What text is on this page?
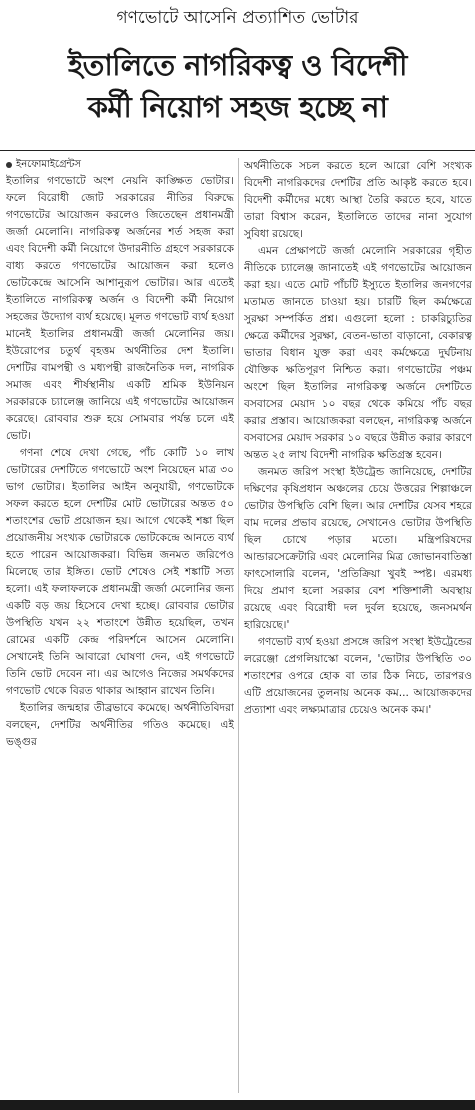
গণভোটে আসেনি প্রত্যাশিত ভোটার
ইতালিতে নাগরিকত্ব ও বিদেশী
কর্মী নিয়োগ সহজ হচ্ছে না
ইনফোমাইগ্রেন্টস

ইতালির গণভোটে অংশ নেয়নি কাঙ্ক্ষিত ভোটার। ফলে বিরোধী জোট সরকারের নীতির বিরুদ্ধে গণভোটের আয়োজন করলেও জিতেছেন প্রধানমন্ত্রী জর্জা মেলোনি। নাগরিকত্ব অর্জনের শর্ত সহজ করা এবং বিদেশী কর্মী নিয়োগে উদারনীতি গ্রহণে সরকারকে বাধ্য করতে গণভোটের আয়োজন করা হলেও ভোটকেন্দ্রে আসেনি আশানুরূপ ভোটার। আর এতেই ইতালিতে নাগরিকত্ব অর্জন ও বিদেশী কর্মী নিয়োগ সহজের উদ্যোগ ব্যর্থ হয়েছে। মূলত গণভোট ব্যর্থ হওয়া মানেই ইতালির প্রধানমন্ত্রী জর্জা মেলোনির জয়। ইউরোপের চতুর্থ বৃহত্তম অর্থনীতির দেশ ইতালি। দেশটির বামপন্থী ও মধ্যপন্থী রাজনৈতিক দল, নাগরিক সমাজ এবং শীর্ষস্থানীয় একটি শ্রমিক ইউনিয়ন সরকারকে চ্যালেঞ্জ জানিয়ে এই গণভোটের আয়োজন করেছে। রোববার শুরু হয়ে সোমবার পর্যন্ত চলে এই ভোট।

গণনা শেষে দেখা গেছে, পাঁচ কোটি ১০ লাখ ভোটারের দেশটিতে গণভোটে অংশ নিয়েছেন মাত্র ৩০ ভাগ ভোটার। ইতালির আইন অনুযায়ী, গণভোটকে সফল করতে হলে দেশটির মোট ভোটারের অন্তত ৫০ শতাংশের ভোট প্রয়োজন হয়। আগে থেকেই শঙ্কা ছিল প্রয়োজনীয় সংখ্যক ভোটারকে ভোটকেন্দ্রে আনতে ব্যর্থ হতে পারেন আয়োজকরা। বিভিন্ন জনমত জরিপেও মিলেছে তার ইঙ্গিত। ভোট শেষেও সেই শঙ্কাটি সত্য হলো। এই ফলাফলকে প্রধানমন্ত্রী জর্জা মেলোনির জন্য একটি বড় জয় হিসেবে দেখা হচ্ছে। রোববার ভোটার উপস্থিতি যখন ২২ শতাংশে উন্নীত হয়েছিল, তখন রোমের একটি কেন্দ্র পরিদর্শনে আসেন মেলোনি। সেখানেই তিনি আবারো ঘোষণা দেন, এই গণভোটে তিনি ভোট দেবেন না। এর আগেও নিজের সমর্থকদের গণভোট থেকে বিরত থাকার আহ্বান রাখেন তিনি।

ইতালির জন্মহার তীব্রভাবে কমেছে। অর্থনীতিবিদরা বলছেন, দেশটির অর্থনীতির গতিও কমেছে। এই ভঙ্গুর

অর্থনীতিকে সচল করতে হলে আরো বেশি সংখ্যক বিদেশী নাগরিকদের দেশটির প্রতি আকৃষ্ট করতে হবে। বিদেশী কর্মীদের মধ্যে আস্থা তৈরি করতে হবে, যাতে তারা বিশ্বাস করেন, ইতালিতে তাদের নানা সুযোগ সুবিধা রয়েছে।

এমন প্রেক্ষাপটে জর্জা মেলোনি সরকারের গৃহীত নীতিকে চ্যালেঞ্জ জানাতেই এই গণভোটের আয়োজন করা হয়। এতে মোট পাঁচটি ইস্যুতে ইতালির জনগণের মতামত জানতে চাওয়া হয়। চারটি ছিল কর্মক্ষেত্রে সুরক্ষা সম্পর্কিত প্রশ্ন। এগুলো হলো : চাকরিচ্যুতির ক্ষেত্রে কর্মীদের সুরক্ষা, বেতন-ভাতা বাড়ানো, বেকারত্ব ভাতার বিধান যুক্ত করা এবং কর্মক্ষেত্রে দুর্ঘটনায় যৌক্তিক ক্ষতিপূরণ নিশ্চিত করা। গণভোটের পঞ্চম অংশে ছিল ইতালির নাগরিকত্ব অর্জনে দেশটিতে বসবাসের মেয়াদ ১০ বছর থেকে কমিয়ে পাঁচ বছর করার প্রস্তাব। আয়োজকরা বলছেন, নাগরিকত্ব অর্জনে বসবাসের মেয়াদ সরকার ১০ বছরে উন্নীত করার কারণে অন্তত ২৫ লাখ বিদেশী নাগরিক ক্ষতিগ্রস্ত হবেন।

জনমত জরিপ সংস্থা ইউট্রেন্ড জানিয়েছে, দেশটির দক্ষিণের কৃষিপ্রধান অঞ্চলের চেয়ে উত্তরের শিল্পাঞ্চলে ভোটার উপস্থিতি বেশি ছিল। আর দেশটির যেসব শহরে বাম দলের প্রভাব রয়েছে, সেখানেও ভোটার উপস্থিতি ছিল চোখে পড়ার মতো। মন্ত্রিপরিষদের আন্ডারসেক্রেটারি এবং মেলোনির মিত্র জোভানবাতিস্তা ফাৎসোলারি বলেন, 'প্রতিক্রিয়া খুবই স্পষ্ট। এরমধ্য দিয়ে প্রমাণ হলো সরকার বেশ শক্তিশালী অবস্থায় রয়েছে এবং বিরোধী দল দুর্বল হয়েছে, জনসমর্থন হারিয়েছে।'

গণভোট ব্যর্থ হওয়া প্রসঙ্গে জরিপ সংস্থা ইউট্রেন্ডের লরেঞ্জো প্রেগলিয়াস্কো বলেন, 'ভোটার উপস্থিতি ৩০ শতাংশের ওপরে হোক বা তার ঠিক নিচে, তারপরও এটি প্রয়োজনের তুলনায় অনেক কম... আয়োজকদের প্রত্যাশা এবং লক্ষ্যমাত্রার চেয়েও অনেক কম।'
